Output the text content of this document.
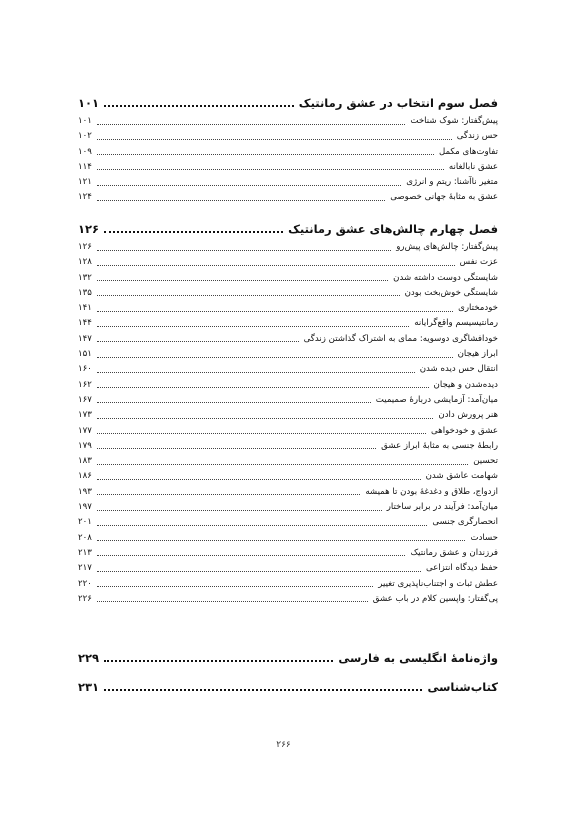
فصل سوم انتخاب در عشق رمانتیک
۱۰۱
پیش‌گفتار: شوک شناخت
۱۰۱
حس زندگی
۱۰۲
تفاوت‌های مکمل
۱۰۹
عشق نابالغانه
۱۱۴
متغیر ناآشنا: ریتم و انرژی
۱۲۱
عشق به مثابهٔ جهانی خصوصی
۱۲۴
فصل چهارم چالش‌های عشق رمانتیک
۱۲۶
پیش‌گفتار: چالش‌های پیش‌رو
۱۲۶
عزت نفس
۱۲۸
شایستگی دوست داشته شدن
۱۳۲
شایستگی خوش‌بخت بودن
۱۳۵
خودمختاری
۱۴۱
رمانتیسیسم واقع‌گرایانه
۱۴۴
خودافشاگری دوسویه: ممای به اشتراک گذاشتن زندگی
۱۴۷
ابراز هیجان
۱۵۱
انتقال حس دیده شدن
۱۶۰
دیده‌شدن و هیجان
۱۶۲
میان‌آمد: آزمایشی دربارهٔ صمیمیت
۱۶۷
هنر پرورش دادن
۱۷۳
عشق و خودخواهی
۱۷۷
رابطهٔ جنسی به مثابهٔ ابراز عشق
۱۷۹
تحسین
۱۸۳
شهامت عاشق شدن
۱۸۶
ازدواج، طلاق و دغدغهٔ بودن تا همیشه
۱۹۳
میان‌آمد: فرآیند در برابر ساختار
۱۹۷
انحصارگری جنسی
۲۰۱
حسادت
۲۰۸
فرزندان و عشق رمانتیک
۲۱۳
حفظ دیدگاه انتزاعی
۲۱۷
عطش ثبات و اجتناب‌ناپذیری تغییر
۲۲۰
پی‌گفتار: واپسین کلام در باب عشق
۲۲۶
واژه‌نامهٔ انگلیسی به فارسی
۲۲۹
کتاب‌شناسی
۲۳۱
۲۶۶
